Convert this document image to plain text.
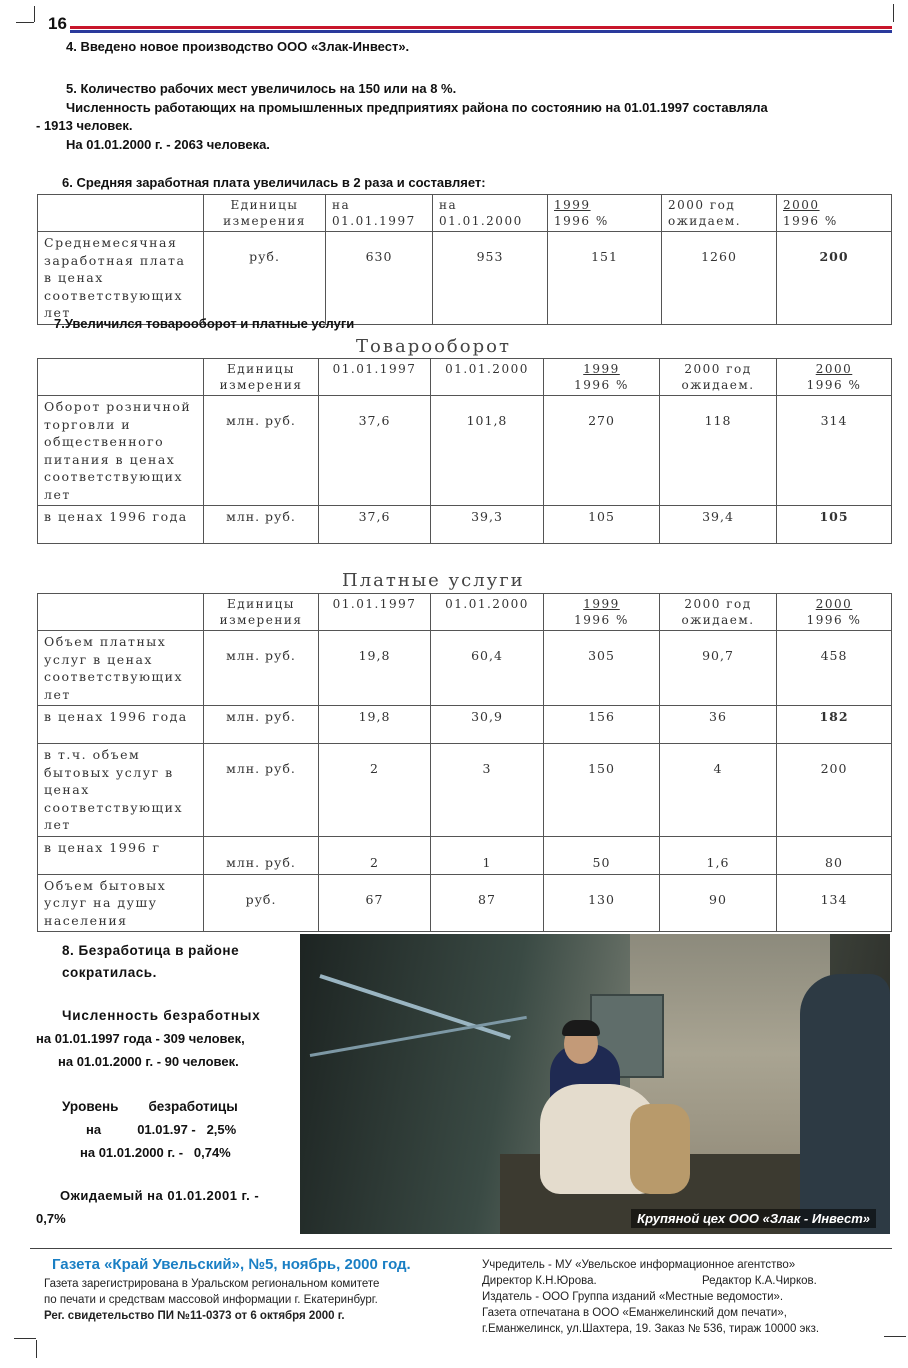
16

4. Введено новое производство ООО «Злак-Инвест».

5. Количество рабочих мест увеличилось на 150 или на 8 %.

Численность работающих на промышленных предприятиях района по состоянию на 01.01.1997 составляла

- 1913 человек.

На 01.01.2000 г. - 2063 человека.

6. Средняя заработная плата увеличилась в 2 раза и составляет:

	Единицы измерения	на 01.01.1997	на 01.01.2000	1999
1996 %	2000 год ожидаем.	2000
1996 %
Среднемесячная заработная плата в ценах соответствующих лет	руб.	630	953	151	1260	200

7.Увеличился товарооборот и платные услуги

Товарооборот
	Единицы измерения	01.01.1997	01.01.2000	1999
1996 %	2000 год ожидаем.	2000
1996 %
Оборот розничной торговли и общественного питания в ценах соответствующих лет	млн. руб.	37,6	101,8	270	118	314
в ценах 1996 года	млн. руб.	37,6	39,3	105	39,4	105
Платные услуги
	Единицы измерения	01.01.1997	01.01.2000	1999
1996 %	2000 год ожидаем.	2000
1996 %
Объем платных услуг в ценах соответствующих лет	млн. руб.	19,8	60,4	305	90,7	458
в ценах 1996 года	млн. руб.	19,8	30,9	156	36	182
в т.ч. объем бытовых услуг в ценах соответствующих лет	млн. руб.	2	3	150	4	200
в ценах 1996 г	млн. руб.	2	1	50	1,6	80
Объем бытовых услуг на душу населения	руб.	67	87	130	90	134

8. Безработица в районе сократилась.

Численность безработных

на 01.01.1997 года - 309 человек,

на 01.01.2000 г. - 90 человек.

Уровень        безработицы

на          01.01.97 -   2,5%

на 01.01.2000 г. -   0,74%

Ожидаемый на 01.01.2001 г. -

0,7%	Крупяной цех ООО «Злак - Инвест»
Газета «Край Увельский», №5, ноябрь, 2000 год.
Газета зарегистрирована в Уральском региональном комитете
по печати и средствам массовой информации г. Екатеринбург.
Рег. свидетельство ПИ №11-0373 от 6 октября 2000 г.
Учредитель - МУ «Увельское информационное агентство»
Директор К.Н.Юрова.	Редактор К.А.Чирков.
Издатель - ООО Группа изданий «Местные ведомости».
Газета отпечатана в ООО «Еманжелинский дом печати»,
г.Еманжелинск, ул.Шахтера, 19. Заказ № 536, тираж 10000 экз.
